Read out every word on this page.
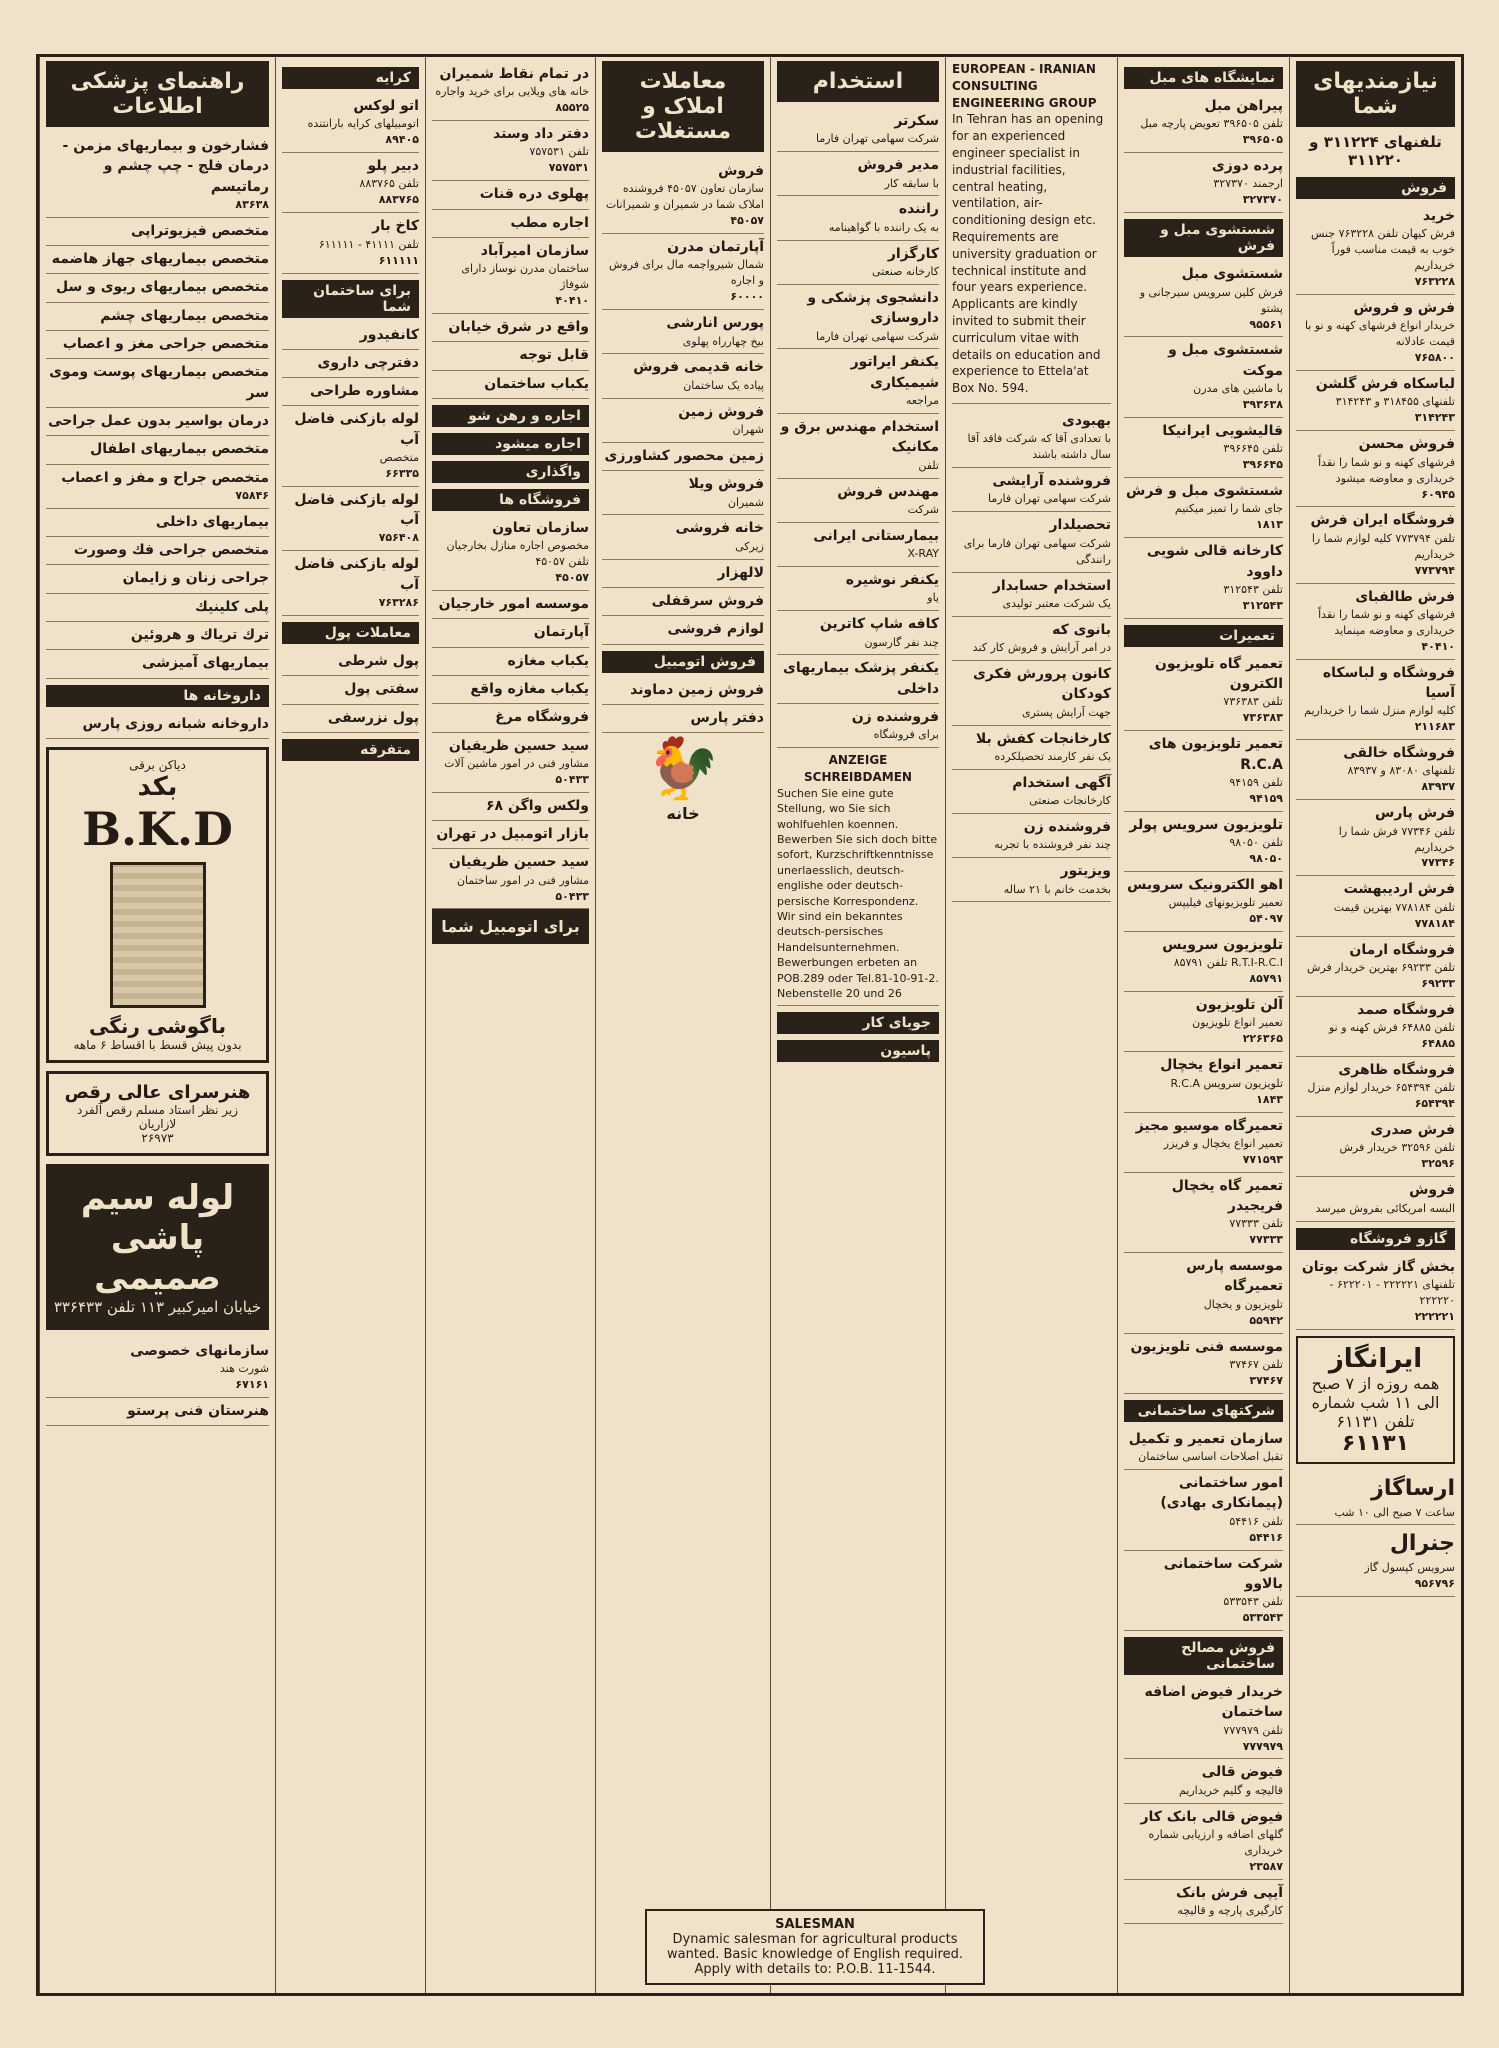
نیازمندیهای شما
تلفنهای ۳۱۱۲۲۴ و ۳۱۱۲۲۰
فروش
خرید
فرش کیهان تلفن ۷۶۳۲۲۸ جنس خوب به قیمت مناسب فوراً خریداریم
۷۶۳۲۲۸
فرش و فروش
خریدار انواع فرشهای کهنه و نو با قیمت عادلانه
۷۶۵۸۰۰
لباسکاه فرش گلشن
تلفنهای ۳۱۸۴۵۵ و ۳۱۴۲۴۳
۳۱۴۲۴۳
فروش محسن
فرشهای کهنه و نو شما را نقداً خریداری و معاوضه میشود
۶۰۹۴۵
فروشگاه ایران فرش
تلفن ۷۷۳۷۹۴ کلیه لوازم شما را خریداریم
۷۷۳۷۹۴
فرش طالفبای
فرشهای کهنه و نو شما را نقداً خریداری و معاوضه مینماید
۴۰۴۱۰
فروشگاه و لباسکاه آسیا
کلیه لوازم منزل شما را خریداریم
۲۱۱۶۸۳
فروشگاه خالقی
تلفنهای ۸۳۰۸۰ و ۸۳۹۳۷
۸۳۹۳۷
فرش پارس
تلفن ۷۷۳۴۶ فرش شما را خریداریم
۷۷۳۴۶
فرش اردیبهشت
تلفن ۷۷۸۱۸۴ بهترین قیمت
۷۷۸۱۸۴
فروشگاه ارمان
تلفن ۶۹۲۳۳ بهترین خریدار فرش
۶۹۲۳۳
فروشگاه صمد
تلفن ۶۴۸۸۵ فرش کهنه و نو
۶۴۸۸۵
فروشگاه ظاهری
تلفن ۶۵۴۳۹۴ خریدار لوازم منزل
۶۵۴۳۹۴
فرش صدری
تلفن ۳۲۵۹۶ خریدار فرش
۳۲۵۹۶
فروش
البسه امریکائی بفروش میرسد
گازو فروشگاه
بخش گاز شرکت بوتان
تلفنهای ۲۲۲۲۲۱ - ۶۲۲۲۰۱ - ۲۲۲۲۲۰
۲۲۲۲۲۱
ایرانگاز
همه روزه از ۷ صبح الی ۱۱ شب شماره تلفن ۶۱۱۳۱
۶۱۱۳۱
ارساگاز
ساعت ۷ صبح الی ۱۰ شب
جنرال
سرویس کپسول گاز
۹۵۶۷۹۶
نمایشگاه های مبل
پیراهن مبل
تلفن ۳۹۶۵۰۵ تعویض پارچه مبل
۳۹۶۵۰۵
پرده دوزی
ارجمند ۳۲۷۳۷۰
۳۲۷۳۷۰
شستشوی مبل و فرش
شستشوی مبل
فرش کلین سرویس سیرجانی و پشتو
۹۵۵۶۱
شستشوی مبل و موکت
با ماشین های مدرن
۳۹۳۶۳۸
قالیشویی ایرانیکا
تلفن ۳۹۶۶۴۵
۳۹۶۶۴۵
شستشوی مبل و فرش
جای شما را تمیز میکنیم
۱۸۱۳
کارخانه قالی شویی داوود
تلفن ۳۱۲۵۴۳
۳۱۲۵۴۳
تعمیرات
تعمیر گاه تلویزیون الکترون
تلفن ۷۳۶۳۸۳
۷۳۶۳۸۳
تعمیر تلویزیون های R.C.A
تلفن ۹۴۱۵۹
۹۴۱۵۹
تلویزیون سرویس پولر
تلفن ۹۸۰۵۰
۹۸۰۵۰
اهو الکترونیک سرویس
تعمیر تلویزیونهای فیلیپس
۵۴۰۹۷
تلویزیون سرویس
R.T.I-R.C.I تلفن ۸۵۷۹۱
۸۵۷۹۱
آلن تلویزیون
تعمیر انواع تلویزیون
۲۲۶۳۶۵
تعمیر انواع یخچال
تلویزیون سرویس R.C.A
۱۸۴۳
تعمیرگاه موسیو مجیز
تعمیر انواع یخچال و فریزر
۷۷۱۵۹۳
تعمیر گاه یخچال فریجیدر
تلفن ۷۷۳۳۳
۷۷۳۳۳
موسسه پارس تعمیرگاه
تلویزیون و یخچال
۵۵۹۴۲
موسسه فنی تلویزیون
تلفن ۳۷۴۶۷
۳۷۴۶۷
شرکتهای ساختمانی
سازمان تعمیر و تکمیل
تقبل اصلاحات اساسی ساختمان
امور ساختمانی (پیمانکاری بهادی)
تلفن ۵۴۴۱۶
۵۴۴۱۶
شرکت ساختمانی بالاوو
تلفن ۵۳۳۵۴۳
۵۳۳۵۴۳
فروش مصالح ساختمانی
خریدار فیوض اضافه ساختمان
تلفن ۷۷۷۹۷۹
۷۷۷۹۷۹
فیوض قالی
قالیچه و گلیم خریداریم
فیوض قالی بانک کار
گلهای اضافه و ارزیابی شماره خریداری
۲۳۵۸۷
آیپی فرش بانک
کارگیری پارچه و قالیچه
EUROPEAN - IRANIAN CONSULTING ENGINEERING GROUP
In Tehran has an opening for an experienced engineer specialist in industrial facilities, central heating, ventilation, air-conditioning design etc. Requirements are university graduation or technical institute and four years experience. Applicants are kindly invited to submit their curriculum vitae with details on education and experience to Ettela'at Box No. 594.
بهبودی
با تعدادی آقا که شرکت فاقد آقا سال داشته باشند
فروشنده آرایشی
شرکت سهامی تهران فارما
تحصیلدار
شرکت سهامی تهران فارما برای رانندگی
استخدام حسابدار
یک شرکت معتبر تولیدی
بانوی که
در امر آرایش و فروش کار کند
کانون پرورش فکری کودکان
جهت آرایش پستری
کارخانجات کفش بلا
یک نفر کارمند تحصیلکرده
آگهی استخدام
کارخانجات صنعتی
فروشنده زن
چند نفر فروشنده با تجربه
ویزیتور
بخدمت خانم با ۲۱ ساله
استخدام
سکرتر
شرکت سهامی تهران فارما
مدیر فروش
با سابقه کار
راننده
به یک راننده با گواهینامه
کارگزار
کارخانه صنعتی
دانشجوی پزشکی و داروسازی
شرکت سهامی تهران فارما
یکنفر ایراتور شیمیکاری
مراجعه
استخدام مهندس برق و مکانیک
تلفن
مهندس فروش
شرکت
بیمارستانی ایرانی
X-RAY
یکنفر نوشیره
یاو
کافه شاپ کاترین
چند نفر گارسون
یکنفر پزشک بیماریهای داخلی
فروشنده زن
برای فروشگاه
ANZEIGE SCHREIBDAMEN
Suchen Sie eine gute Stellung, wo Sie sich wohlfuehlen koennen. Bewerben Sie sich doch bitte sofort, Kurzschriftkenntnisse unerlaesslich, deutsch-englishe oder deutsch-persische Korrespondenz. Wir sind ein bekanntes deutsch-persisches Handelsunternehmen. Bewerbungen erbeten an POB.289 oder Tel.81-10-91-2. Nebenstelle 20 und 26
جویای کار
پاسیون
معاملات املاک و مستغلات
فروش
سازمان تعاون ۴۵۰۵۷ فروشنده املاک شما در شمیران و شمیرانات
۴۵۰۵۷
آپارتمان مدرن
شمال شیرواچمه مال برای فروش و اجاره
۶۰۰۰۰
پورس انارشی
بیخ چهارراه پهلوی
خانه قدیمی فروش
پیاده یک ساختمان
فروش زمین
شهران
زمین محصور کشاورزی
فروش ویلا
شمیران
خانه فروشی
زیرکی
لالهزار
فروش سرقفلی
لوازم فروشی
فروش اتومبیل
فروش زمین دماوند
دفتر پارس
🐓
خانه
در تمام نقاط شمیران
خانه های ویلایی برای خرید واجاره
۸۵۵۲۵
دفتر داد وستد
تلفن ۷۵۷۵۳۱
۷۵۷۵۳۱
پهلوی دره قنات
اجاره مطب
سازمان امیرآباد
ساختمان مدرن نوساز دارای شوفاژ
۴۰۴۱۰
واقع در شرق خیابان
قابل توجه
یکباب ساختمان
اجاره و رهن شو
اجاره میشود
واگذاری
فروشگاه ها
سازمان تعاون
مخصوص اجاره منازل بخارجیان تلفن ۴۵۰۵۷
۴۵۰۵۷
موسسه امور خارجیان
آپارتمان
یکباب مغازه
یکباب مغازه واقع
فروشگاه مرغ
سید حسین ظریفیان
مشاور فنی در امور ماشین آلات
۵۰۴۳۳
ولکس واگن ۶۸
بازار اتومبیل در تهران
سید حسین ظریفیان
مشاور فنی در امور ساختمان
۵۰۴۳۳
برای اتومبیل شما
کرایه
اتو لوکس
اتومبیلهای کرایه بارانتنده
۸۹۴۰۵
دبیر پلو
تلفن ۸۸۳۷۶۵
۸۸۳۷۶۵
کاخ بار
تلفن ۴۱۱۱۱ - ۶۱۱۱۱۱
۶۱۱۱۱۱
برای ساختمان شما
کانفیدور
دفترچی داروی
مشاوره طراحی
لوله بازکنی فاضل آب
متخصص
۶۶۳۳۵
لوله بازکنی فاضل آب
۷۵۶۴۰۸
لوله بازکنی فاضل آب
۷۶۳۲۸۶
معاملات پول
پول شرطی
سفتی پول
پول نزرسفی
متفرقه
راهنمای پزشکی اطلاعات
فشارخون و بیماریهای مزمن - درمان فلج - چپ چشم و رماتیسم
۸۳۶۳۸
متخصص فیزیوتراپی
متخصص بیماریهای جهاز هاضمه
متخصص بیماریهای ریوی و سل
متخصص بیماریهای چشم
متخصص جراحی مغز و اعصاب
متخصص بیماریهای پوست وموی سر
درمان بواسیر بدون عمل جراحی
متخصص بیماریهای اطفال
متخصص جراح و مفز و اعصاب
۷۵۸۴۶
بیماریهای داخلی
متخصص جراحی فك وصورت
جراحی زنان و زایمان
پلی کلینیك
ترك تریاك و هروئین
بیماریهای آمیزشی
داروخانه ها
داروخانه شبانه روزی پارس
دیاکن برقی
بکد
B.K.D
باگوشی رنگی
بدون پیش قسط با اقساط ۶ ماهه
هنرسرای عالی رقص
زیر نظر استاد مسلم رقص آلفرد لازاریان
۲۶۹۷۳
لوله سیم پاشی صمیمی
خیابان امیرکبیر ۱۱۳ تلفن ۳۳۶۴۳۳
سازمانهای خصوصی
شورت هند
۶۷۱۶۱
هنرستان فنی پرستو
SALESMAN
Dynamic salesman for agricultural products
wanted. Basic knowledge of English required.
Apply with details to: P.O.B. 11-1544.
